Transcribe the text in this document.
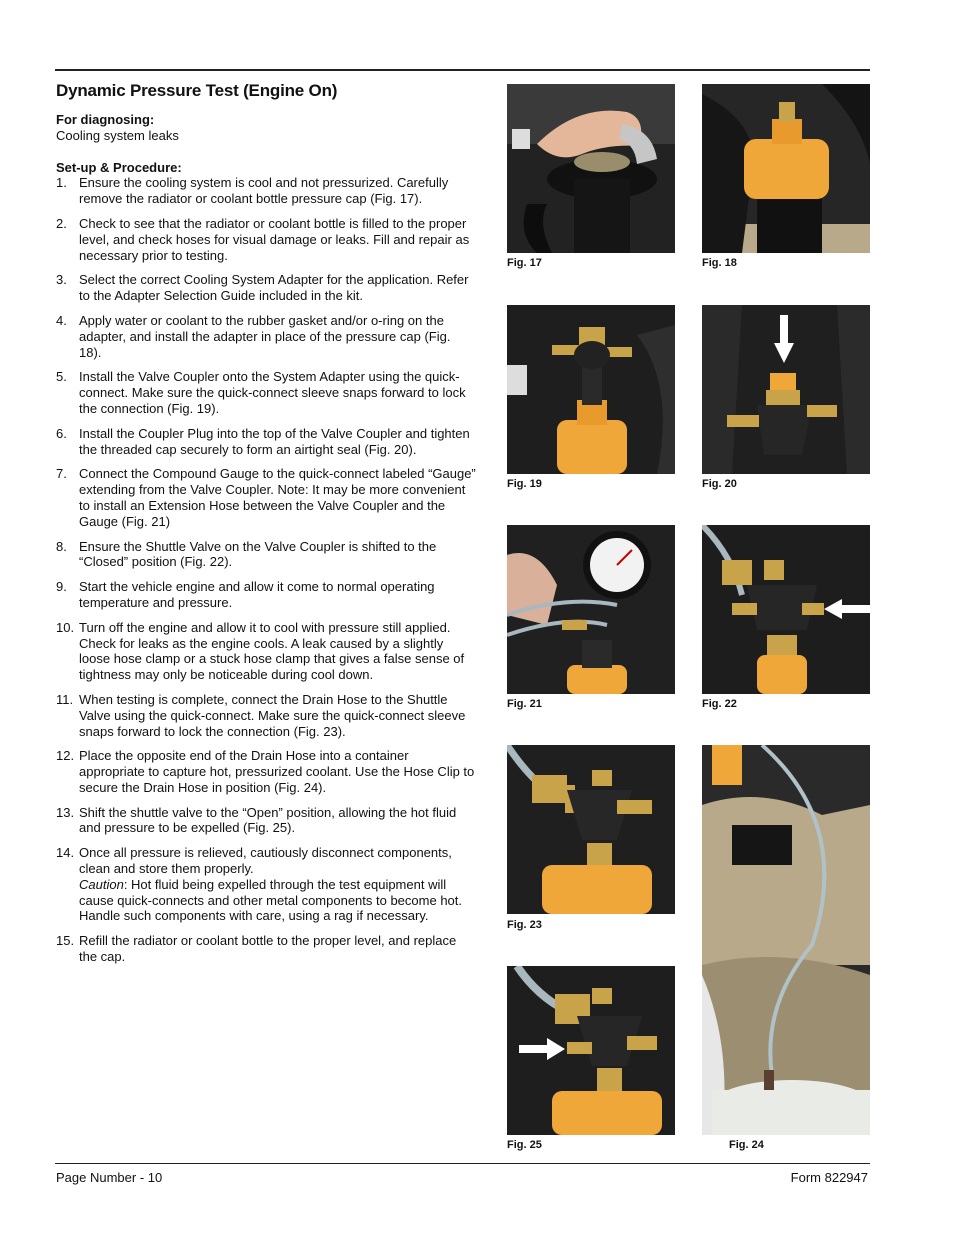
Dynamic Pressure Test (Engine On)
For diagnosing:
Cooling system leaks
Set-up & Procedure:
1. Ensure the cooling system is cool and not pressurized. Carefully remove the radiator or coolant bottle pressure cap (Fig. 17).
2. Check to see that the radiator or coolant bottle is filled to the proper level, and check hoses for visual damage or leaks. Fill and repair as necessary prior to testing.
3. Select the correct Cooling System Adapter for the application. Refer to the Adapter Selection Guide included in the kit.
4. Apply water or coolant to the rubber gasket and/or o-ring on the adapter, and install the adapter in place of the pressure cap (Fig. 18).
5. Install the Valve Coupler onto the System Adapter using the quick-connect. Make sure the quick-connect sleeve snaps forward to lock the connection (Fig. 19).
6. Install the Coupler Plug into the top of the Valve Coupler and tighten the threaded cap securely to form an airtight seal (Fig. 20).
7. Connect the Compound Gauge to the quick-connect labeled “Gauge” extending from the Valve Coupler. Note: It may be more convenient to install an Extension Hose between the Valve Coupler and the Gauge (Fig. 21)
8. Ensure the Shuttle Valve on the Valve Coupler is shifted to the “Closed” position (Fig. 22).
9. Start the vehicle engine and allow it come to normal operating temperature and pressure.
10. Turn off the engine and allow it to cool with pressure still applied. Check for leaks as the engine cools. A leak caused by a slightly loose hose clamp or a stuck hose clamp that gives a false sense of tightness may only be noticeable during cool down.
11. When testing is complete, connect the Drain Hose to the Shuttle Valve using the quick-connect. Make sure the quick-connect sleeve snaps forward to lock the connection (Fig. 23).
12. Place the opposite end of the Drain Hose into a container appropriate to capture hot, pressurized coolant. Use the Hose Clip to secure the Drain Hose in position (Fig. 24).
13. Shift the shuttle valve to the “Open” position, allowing the hot fluid and pressure to be expelled (Fig. 25).
14. Once all pressure is relieved, cautiously disconnect components, clean and store them properly.
Caution: Hot fluid being expelled through the test equipment will cause quick-connects and other metal components to become hot. Handle such components with care, using a rag if necessary.
15. Refill the radiator or coolant bottle to the proper level, and replace the cap.
Fig. 17	Fig. 18
Fig. 19	Fig. 20
Fig. 21	Fig. 22
Fig. 23
Fig. 24
Fig. 25
Page Number - 10	Form 822947
